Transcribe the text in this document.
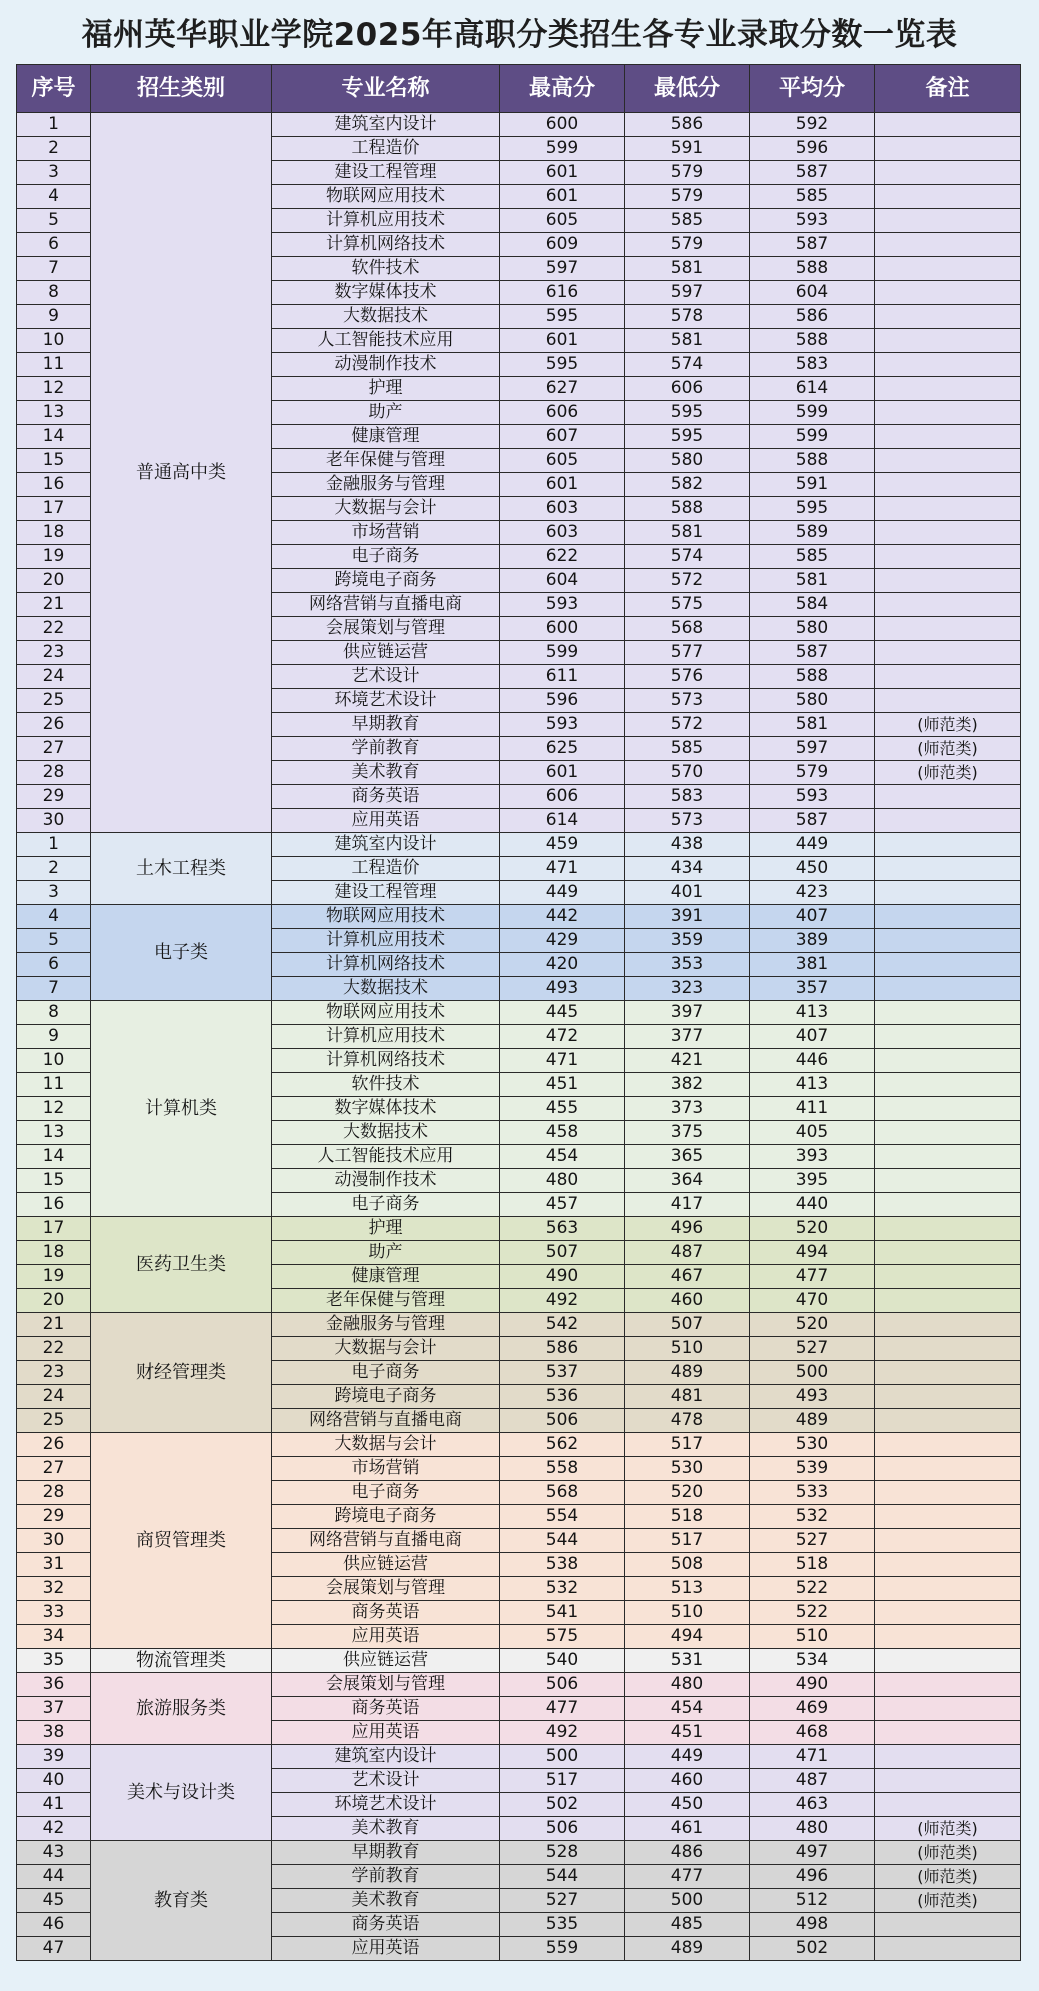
福州英华职业学院2025年高职分类招生各专业录取分数一览表
序号	招生类别	专业名称	最高分	最低分	平均分	备注
1	普通高中类	建筑室内设计	600	586	592	
2		工程造价	599	591	596	
3		建设工程管理	601	579	587	
4		物联网应用技术	601	579	585	
5		计算机应用技术	605	585	593	
6		计算机网络技术	609	579	587	
7		软件技术	597	581	588	
8		数字媒体技术	616	597	604	
9		大数据技术	595	578	586	
10		人工智能技术应用	601	581	588	
11		动漫制作技术	595	574	583	
12		护理	627	606	614	
13		助产	606	595	599	
14		健康管理	607	595	599	
15		老年保健与管理	605	580	588	
16		金融服务与管理	601	582	591	
17		大数据与会计	603	588	595	
18		市场营销	603	581	589	
19		电子商务	622	574	585	
20		跨境电子商务	604	572	581	
21		网络营销与直播电商	593	575	584	
22		会展策划与管理	600	568	580	
23		供应链运营	599	577	587	
24		艺术设计	611	576	588	
25		环境艺术设计	596	573	580	
26		早期教育	593	572	581	(师范类)
27		学前教育	625	585	597	(师范类)
28		美术教育	601	570	579	(师范类)
29		商务英语	606	583	593	
30		应用英语	614	573	587	
1	土木工程类	建筑室内设计	459	438	449	
2		工程造价	471	434	450	
3		建设工程管理	449	401	423	
4	电子类	物联网应用技术	442	391	407	
5		计算机应用技术	429	359	389	
6		计算机网络技术	420	353	381	
7		大数据技术	493	323	357	
8	计算机类	物联网应用技术	445	397	413	
9		计算机应用技术	472	377	407	
10		计算机网络技术	471	421	446	
11		软件技术	451	382	413	
12		数字媒体技术	455	373	411	
13		大数据技术	458	375	405	
14		人工智能技术应用	454	365	393	
15		动漫制作技术	480	364	395	
16		电子商务	457	417	440	
17	医药卫生类	护理	563	496	520	
18		助产	507	487	494	
19		健康管理	490	467	477	
20		老年保健与管理	492	460	470	
21	财经管理类	金融服务与管理	542	507	520	
22		大数据与会计	586	510	527	
23		电子商务	537	489	500	
24		跨境电子商务	536	481	493	
25		网络营销与直播电商	506	478	489	
26	商贸管理类	大数据与会计	562	517	530	
27		市场营销	558	530	539	
28		电子商务	568	520	533	
29		跨境电子商务	554	518	532	
30		网络营销与直播电商	544	517	527	
31		供应链运营	538	508	518	
32		会展策划与管理	532	513	522	
33		商务英语	541	510	522	
34		应用英语	575	494	510	
35	物流管理类	供应链运营	540	531	534	
36	旅游服务类	会展策划与管理	506	480	490	
37		商务英语	477	454	469	
38		应用英语	492	451	468	
39	美术与设计类	建筑室内设计	500	449	471	
40		艺术设计	517	460	487	
41		环境艺术设计	502	450	463	
42		美术教育	506	461	480	(师范类)
43	教育类	早期教育	528	486	497	(师范类)
44		学前教育	544	477	496	(师范类)
45		美术教育	527	500	512	(师范类)
46		商务英语	535	485	498	
47		应用英语	559	489	502	
